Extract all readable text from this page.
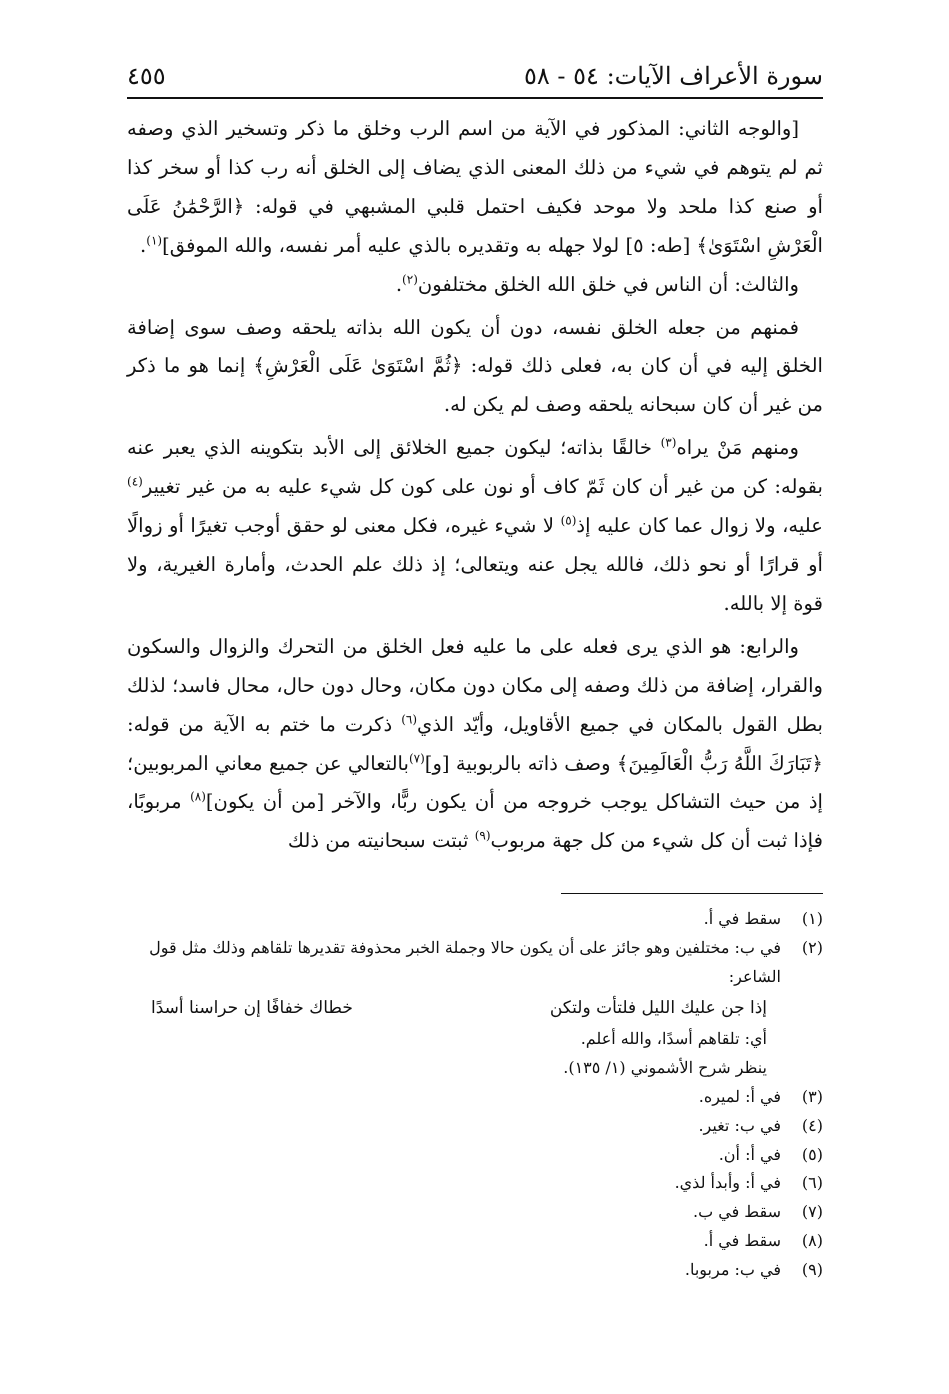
سورة الأعراف الآيات: ٥٤ - ٥٨
٤٥٥

[والوجه الثاني: المذكور في الآية من اسم الرب وخلق ما ذكر وتسخير الذي وصفه ثم لم يتوهم في شيء من ذلك المعنى الذي يضاف إلى الخلق أنه رب كذا أو سخر كذا أو صنع كذا ملحد ولا موحد فكيف احتمل قلبي المشبهي في قوله: ﴿الرَّحْمَٰنُ عَلَى الْعَرْشِ اسْتَوَىٰ﴾ [طه: ٥] لولا جهله به وتقديره بالذي عليه أمر نفسه، والله الموفق]$^{(١)}$.

والثالث: أن الناس في خلق الله الخلق مختلفون$^{(٢)}$.

فمنهم من جعله الخلق نفسه، دون أن يكون الله بذاته يلحقه وصف سوى إضافة الخلق إليه في أن كان به، فعلى ذلك قوله: ﴿ثُمَّ اسْتَوَىٰ عَلَى الْعَرْشِ﴾ إنما هو ما ذكر من غير أن كان سبحانه يلحقه وصف لم يكن له.

ومنهم مَنْ يراه$^{(٣)}$ خالقًا بذاته؛ ليكون جميع الخلائق إلى الأبد بتكوينه الذي يعبر عنه بقوله: كن من غير أن كان ثَمّ كاف أو نون على كون كل شيء عليه به من غير تغيير$^{(٤)}$ عليه، ولا زوال عما كان عليه إذ$^{(٥)}$ لا شيء غيره، فكل معنى لو حقق أوجب تغيرًا أو زوالًا أو قرارًا أو نحو ذلك، فالله يجل عنه ويتعالى؛ إذ ذلك علم الحدث، وأمارة الغيرية، ولا قوة إلا بالله.

والرابع: هو الذي يرى فعله على ما عليه فعل الخلق من التحرك والزوال والسكون والقرار، إضافة من ذلك وصفه إلى مكان دون مكان، وحال دون حال، محال فاسد؛ لذلك بطل القول بالمكان في جميع الأقاويل، وأيّد الذي$^{(٦)}$ ذكرت ما ختم به الآية من قوله: ﴿تَبَارَكَ اللَّهُ رَبُّ الْعَالَمِينَ﴾ وصف ذاته بالربوبية [و]$^{(٧)}$بالتعالي عن جميع معاني المربوبين؛ إذ من حيث التشاكل يوجب خروجه من أن يكون ربًّا، والآخر [من أن يكون]$^{(٨)}$ مربوبًا، فإذا ثبت أن كل شيء من كل جهة مربوب$^{(٩)}$ ثبتت سبحانيته من ذلك

(١)
سقط في أ.
(٢)
في ب: مختلفين وهو جائز على أن يكون حالا وجملة الخبر محذوفة تقديرها تلقاهم وذلك مثل قول الشاعر:
إذا جن عليك الليل فلتأت ولتكن
خطاك خفافًا إن حراسنا أسدًا
أي: تلقاهم أسدًا، والله أعلم.
ينظر شرح الأشموني (١/ ١٣٥).
(٣)
في أ: لميره.
(٤)
في ب: تغير.
(٥)
في أ: أن.
(٦)
في أ: وأبدأ لذي.
(٧)
سقط في ب.
(٨)
سقط في أ.
(٩)
في ب: مربوبا.
